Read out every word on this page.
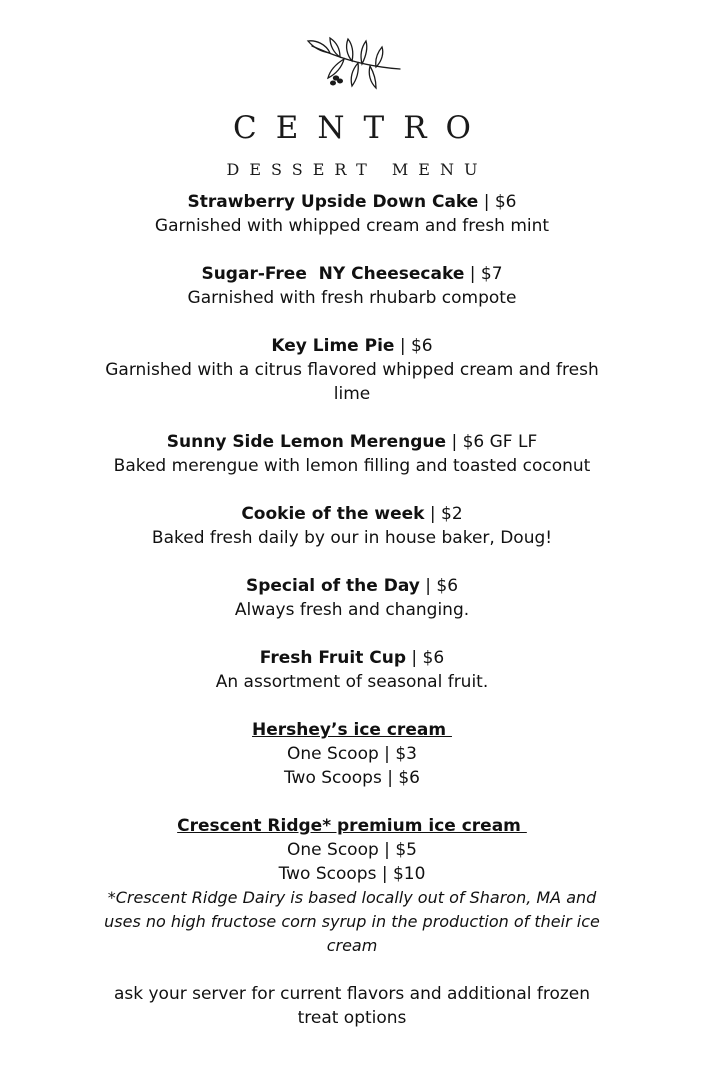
CENTRO
DESSERT MENU
Strawberry Upside Down Cake | $6
Garnished with whipped cream and fresh mint
Sugar-Free  NY Cheesecake | $7
Garnished with fresh rhubarb compote
Key Lime Pie | $6
Garnished with a citrus flavored whipped cream and fresh lime
Sunny Side Lemon Merengue | $6 GF LF
Baked merengue with lemon filling and toasted coconut
Cookie of the week | $2
Baked fresh daily by our in house baker, Doug!
Special of the Day | $6
Always fresh and changing.
Fresh Fruit Cup | $6
An assortment of seasonal fruit.
Hershey’s ice cream
One Scoop | $3
Two Scoops | $6
Crescent Ridge* premium ice cream
One Scoop | $5
Two Scoops | $10
*Crescent Ridge Dairy is based locally out of Sharon, MA and uses no high fructose corn syrup in the production of their ice cream
ask your server for current flavors and additional frozen treat options
